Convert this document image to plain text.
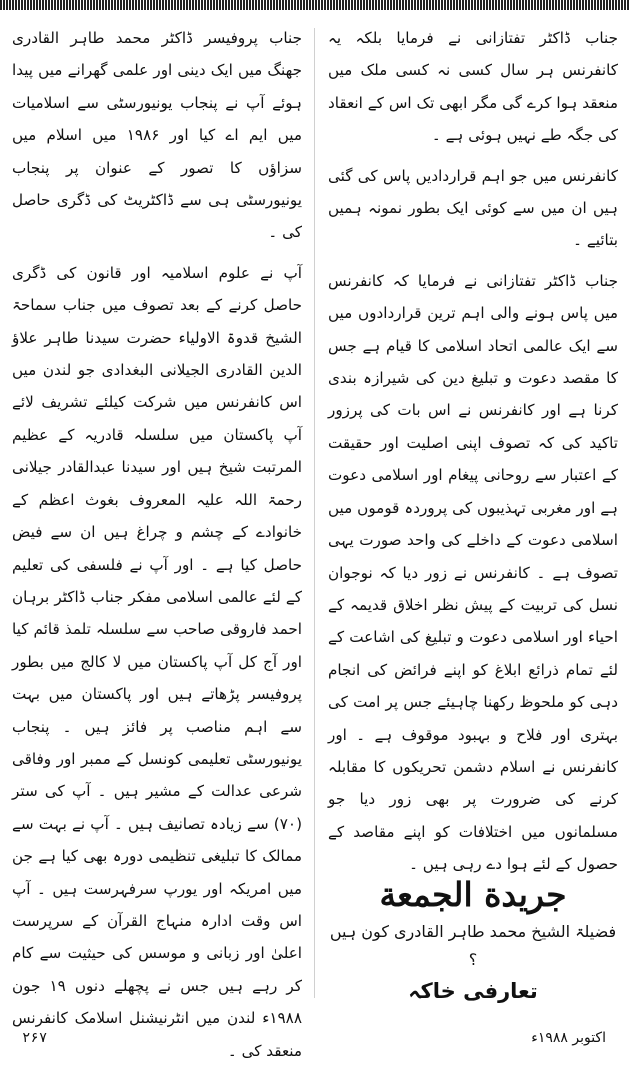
جناب ڈاکٹر تفتازانی نے فرمایا بلکہ یہ کانفرنس ہر سال کسی نہ کسی ملک میں منعقد ہوا کرے گی مگر ابھی تک اس کے انعقاد کی جگہ طے نہیں ہوئی ہے ۔

کانفرنس میں جو اہم قراردادیں پاس کی گئی ہیں ان میں سے کوئی ایک بطور نمونہ ہمیں بتائیے ۔

جناب ڈاکٹر تفتازانی نے فرمایا کہ کانفرنس میں پاس ہونے والی اہم ترین قراردادوں میں سے ایک عالمی اتحاد اسلامی کا قیام ہے جس کا مقصد دعوت و تبلیغ دین کی شیرازہ بندی کرنا ہے اور کانفرنس نے اس بات کی پرزور تاکید کی کہ تصوف اپنی اصلیت اور حقیقت کے اعتبار سے روحانی پیغام اور اسلامی دعوت ہے اور مغربی تہذیبوں کی پروردہ قوموں میں اسلامی دعوت کے داخلے کی واحد صورت یہی تصوف ہے ۔ کانفرنس نے زور دیا کہ نوجوان نسل کی تربیت کے پیش نظر اخلاق قدیمہ کے احیاء اور اسلامی دعوت و تبلیغ کی اشاعت کے لئے تمام ذرائع ابلاغ کو اپنے فرائض کی انجام دہی کو ملحوظ رکھنا چاہیئے جس پر امت کی بہتری اور فلاح و بہبود موقوف ہے ۔ اور کانفرنس نے اسلام دشمن تحریکوں کا مقابلہ کرنے کی ضرورت پر بھی زور دیا جو مسلمانوں میں اختلافات کو اپنے مقاصد کے حصول کے لئے ہوا دے رہی ہیں ۔

جناب پروفیسر ڈاکٹر محمد طاہر القادری جھنگ میں ایک دینی اور علمی گھرانے میں پیدا ہوئے آپ نے پنجاب یونیورسٹی سے اسلامیات میں ایم اے کیا اور ۱۹۸۶ میں اسلام میں سزاؤں کا تصور کے عنوان پر پنجاب یونیورسٹی ہی سے ڈاکٹریٹ کی ڈگری حاصل کی ۔

آپ نے علوم اسلامیہ اور قانون کی ڈگری حاصل کرنے کے بعد تصوف میں جناب سماحۃ الشیخ قدوۃ الاولیاء حضرت سیدنا طاہر علاؤ الدین القادری الجیلانی البغدادی جو لندن میں اس کانفرنس میں شرکت کیلئے تشریف لائے آپ پاکستان میں سلسلہ قادریہ کے عظیم المرتبت شیخ ہیں اور سیدنا عبدالقادر جیلانی رحمۃ اللہ علیہ المعروف بغوث اعظم کے خانوادے کے چشم و چراغ ہیں ان سے فیض حاصل کیا ہے ۔ اور آپ نے فلسفی کی تعلیم کے لئے عالمی اسلامی مفکر جناب ڈاکٹر برہان احمد فاروقی صاحب سے سلسلہ تلمذ قائم کیا اور آج کل آپ پاکستان میں لا کالج میں بطور پروفیسر پڑھاتے ہیں اور پاکستان میں بہت سے اہم مناصب پر فائز ہیں ۔ پنجاب یونیورسٹی تعلیمی کونسل کے ممبر اور وفاقی شرعی عدالت کے مشیر ہیں ۔ آپ کی ستر (۷۰) سے زیادہ تصانیف ہیں ۔ آپ نے بہت سے ممالک کا تبلیغی تنظیمی دورہ بھی کیا ہے جن میں امریکہ اور یورپ سرفہرست ہیں ۔ آپ اس وقت ادارہ منہاج القرآن کے سرپرست اعلیٰ اور زبانی و موسس کی حیثیت سے کام کر رہے ہیں جس نے پچھلے دنوں ۱۹ جون ۱۹۸۸ء لندن میں انٹرنیشنل اسلامک کانفرنس منعقد کی ۔

جريدة الجمعة
فضیلۃ الشیخ محمد طاہر القادری کون ہیں ؟
تعارفی خاکہ
۲۶۷	اکتوبر ۱۹۸۸ء
